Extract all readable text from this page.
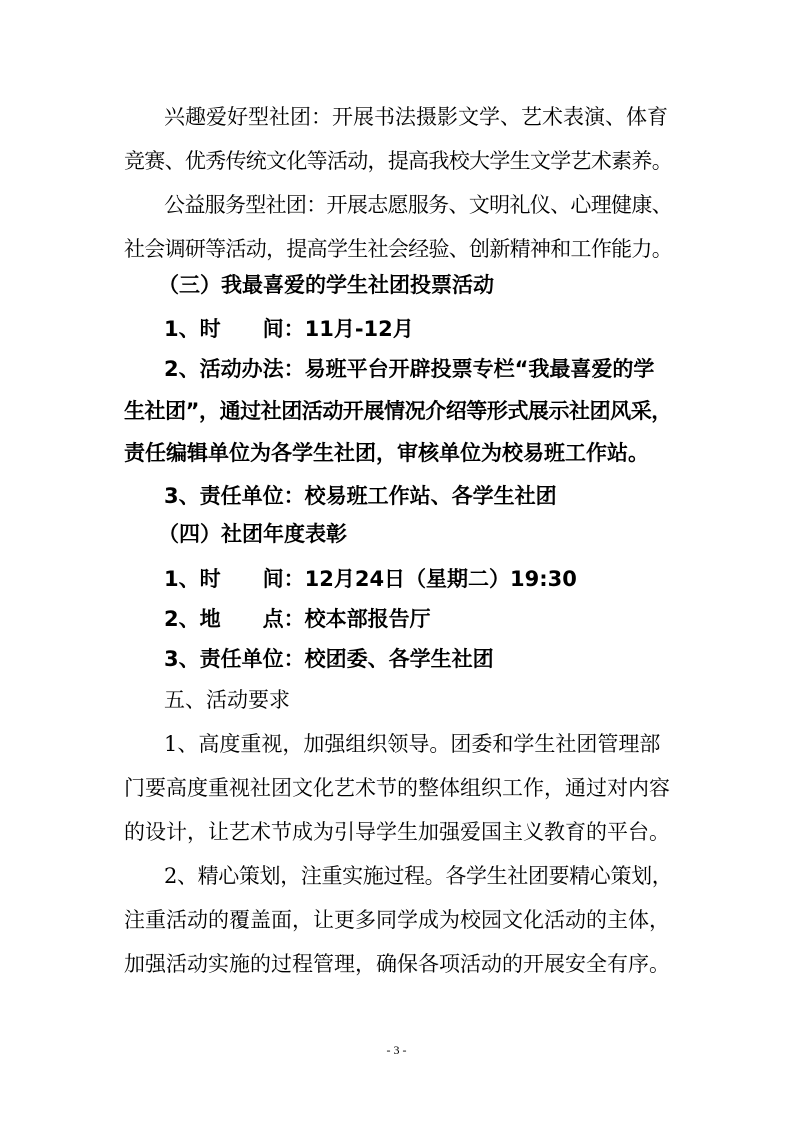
兴趣爱好型社团：开展书法摄影文学、艺术表演、体育
竞赛、优秀传统文化等活动，提高我校大学生文学艺术素养。
公益服务型社团：开展志愿服务、文明礼仪、心理健康、
社会调研等活动，提高学生社会经验、创新精神和工作能力。
（三）我最喜爱的学生社团投票活动
1、时　　间：11月-12月
2、活动办法：易班平台开辟投票专栏“我最喜爱的学
生社团”，通过社团活动开展情况介绍等形式展示社团风采，
责任编辑单位为各学生社团，审核单位为校易班工作站。
3、责任单位：校易班工作站、各学生社团
（四）社团年度表彰
1、时　　间：12月24日（星期二）19:30
2、地　　点：校本部报告厅
3、责任单位：校团委、各学生社团
五、活动要求
1、高度重视，加强组织领导。团委和学生社团管理部
门要高度重视社团文化艺术节的整体组织工作，通过对内容
的设计，让艺术节成为引导学生加强爱国主义教育的平台。
2、精心策划，注重实施过程。各学生社团要精心策划，
注重活动的覆盖面，让更多同学成为校园文化活动的主体，
加强活动实施的过程管理，确保各项活动的开展安全有序。
- 3 -
